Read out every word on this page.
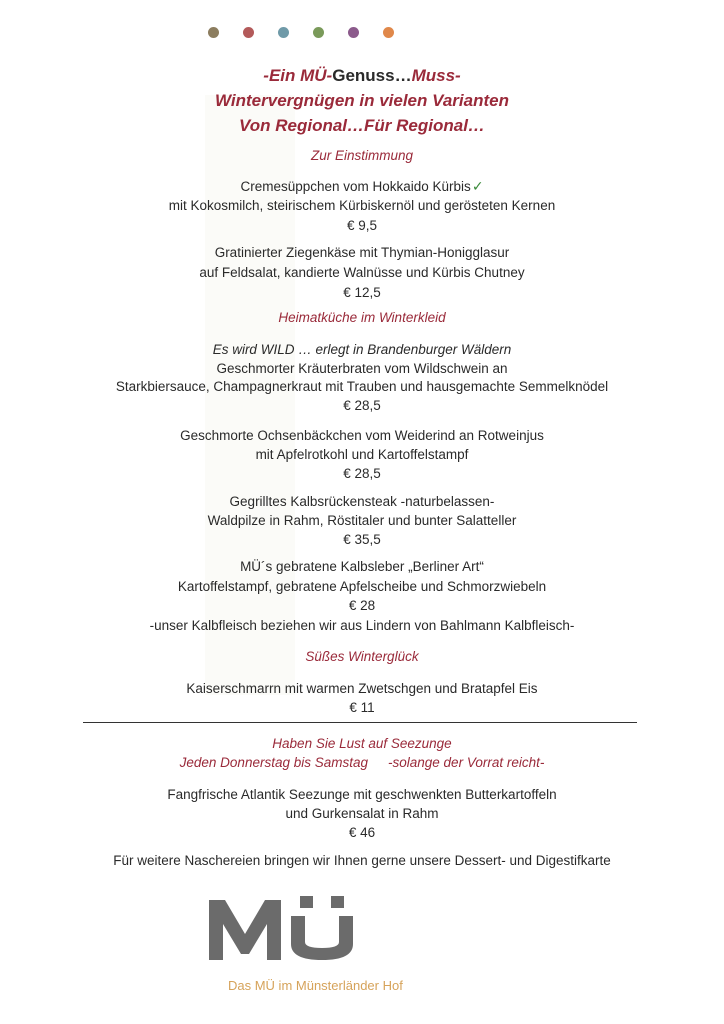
-Ein MÜ-Genuss…Muss-
Wintervergnügen in vielen Varianten
Von Regional…Für Regional…
Zur Einstimmung
Cremesüppchen vom Hokkaido Kürbis✓
mit Kokosmilch, steirischem Kürbiskernöl und gerösteten Kernen
€ 9,5
Gratinierter Ziegenkäse mit Thymian-Honigglasur
auf Feldsalat, kandierte Walnüsse und Kürbis Chutney
€ 12,5
Heimatküche im Winterkleid
Es wird WILD … erlegt in Brandenburger Wäldern
Geschmorter Kräuterbraten vom Wildschwein an
Starkbiersauce, Champagnerkraut mit Trauben und hausgemachte Semmelknödel
€ 28,5
Geschmorte Ochsenbäckchen vom Weiderind an Rotweinjus
mit Apfelrotkohl und Kartoffelstampf
€ 28,5
Gegrilltes Kalbsrückensteak -naturbelassen-
Waldpilze in Rahm, Röstitaler und bunter Salatteller
€ 35,5
MÜ´s gebratene Kalbsleber „Berliner Art“
Kartoffelstampf, gebratene Apfelscheibe und Schmorzwiebeln
€ 28
-unser Kalbfleisch beziehen wir aus Lindern von Bahlmann Kalbfleisch-
Süßes Winterglück
Kaiserschmarrn mit warmen Zwetschgen und Bratapfel Eis
€ 11
Haben Sie Lust auf Seezunge
Jeden Donnerstag bis Samstag -solange der Vorrat reicht-
Fangfrische Atlantik Seezunge mit geschwenkten Butterkartoffeln
und Gurkensalat in Rahm
€ 46
Für weitere Naschereien bringen wir Ihnen gerne unsere Dessert- und Digestifkarte
Das MÜ im Münsterländer Hof
